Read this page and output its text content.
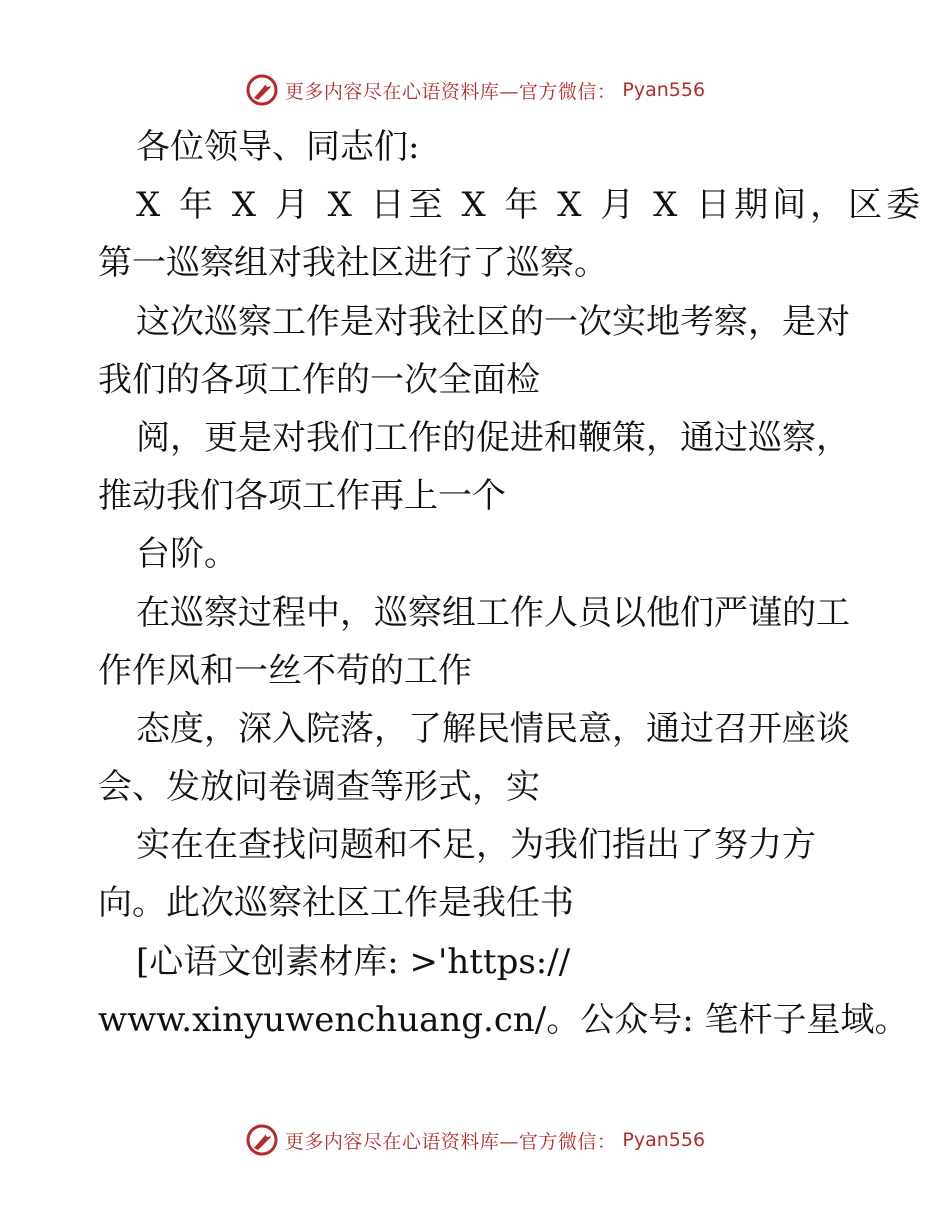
更多内容尽在心语资料库—官方微信： Pyan556
各位领导、同志们:
X 年 X 月 X 日至 X 年 X 月 X 日期间，区委
第一巡察组对我社区进行了巡察。
这次巡察工作是对我社区的一次实地考察，是对
我们的各项工作的一次全面检
阅，更是对我们工作的促进和鞭策，通过巡察，
推动我们各项工作再上一个
台阶。
在巡察过程中，巡察组工作人员以他们严谨的工
作作风和一丝不苟的工作
态度，深入院落，了解民情民意，通过召开座谈
会、发放问卷调查等形式，实
实在在查找问题和不足，为我们指出了努力方
向。此次巡察社区工作是我任书
[心语文创素材库: >'https://
www.xinyuwenchuang.cn/。公众号: 笔杆子星域。
更多内容尽在心语资料库—官方微信： Pyan556
